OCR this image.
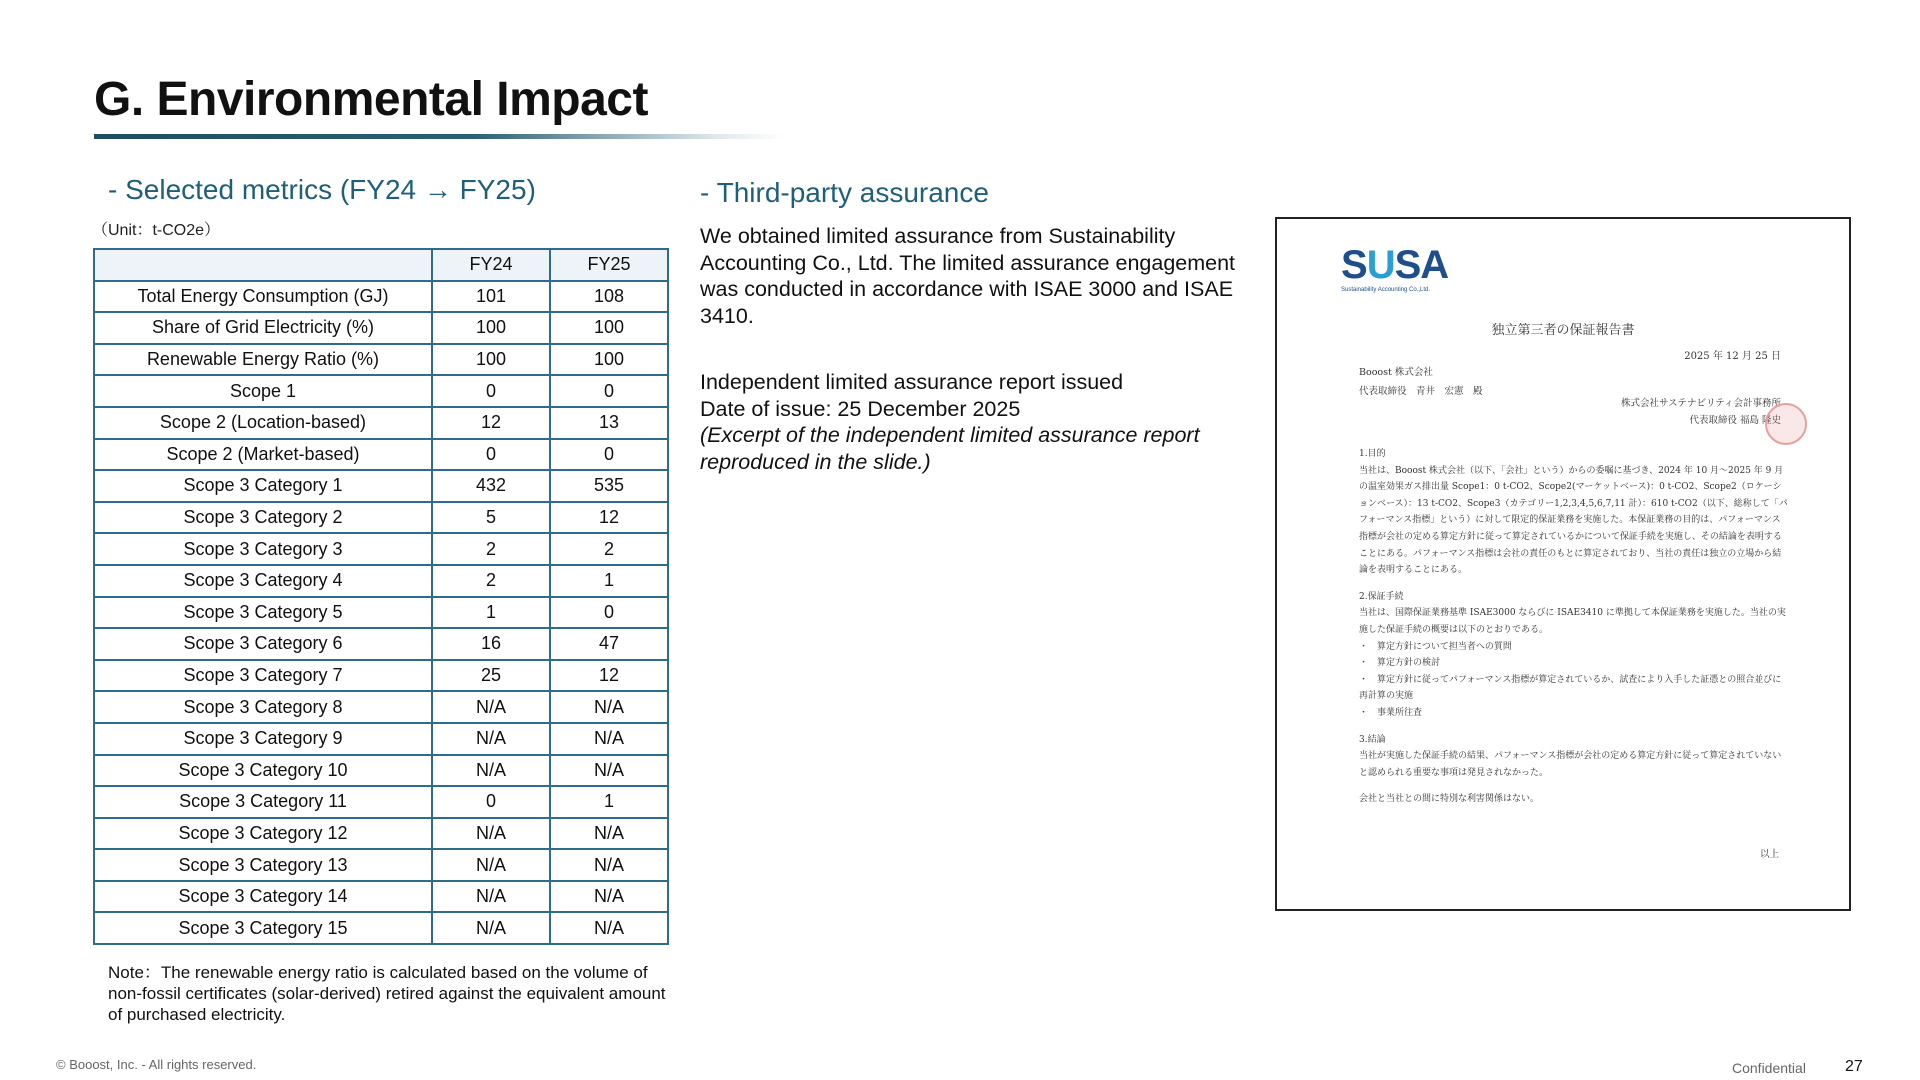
G. Environmental Impact
- Selected metrics (FY24 → FY25)
（Unit：t-CO2e）
	FY24	FY25
Total Energy Consumption (GJ)	101	108
Share of Grid Electricity (%)	100	100
Renewable Energy Ratio (%)	100	100
Scope 1	0	0
Scope 2 (Location-based)	12	13
Scope 2 (Market-based)	0	0
Scope 3 Category 1	432	535
Scope 3 Category 2	5	12
Scope 3 Category 3	2	2
Scope 3 Category 4	2	1
Scope 3 Category 5	1	0
Scope 3 Category 6	16	47
Scope 3 Category 7	25	12
Scope 3 Category 8	N/A	N/A
Scope 3 Category 9	N/A	N/A
Scope 3 Category 10	N/A	N/A
Scope 3 Category 11	0	1
Scope 3 Category 12	N/A	N/A
Scope 3 Category 13	N/A	N/A
Scope 3 Category 14	N/A	N/A
Scope 3 Category 15	N/A	N/A
Note：The renewable energy ratio is calculated based on the volume of non-fossil certificates (solar-derived) retired against the equivalent amount of purchased electricity.
- Third-party assurance
We obtained limited assurance from Sustainability Accounting Co., Ltd. The limited assurance engagement was conducted in accordance with ISAE 3000 and ISAE 3410.
Independent limited assurance report issued
Date of issue: 25 December 2025
(Excerpt of the independent limited assurance report reproduced in the slide.)
SUSA
Sustainability Accounting Co.,Ltd.
独立第三者の保証報告書
2025 年 12 月 25 日
Booost 株式会社
代表取締役　青井　宏憲　殿
株式会社サステナビリティ会計事務所
代表取締役 福島 隆史

1.目的

当社は、Booost 株式会社（以下、「会社」という）からの委嘱に基づき、2024 年 10 月～2025 年 9 月の温室効果ガス排出量 Scope1：0 t-CO2、Scope2(マーケットベース)：0 t-CO2、Scope2（ロケーションベース）：13 t-CO2、Scope3（カテゴリー1,2,3,4,5,6,7,11 計）：610 t-CO2（以下、総称して「パフォーマンス指標」という）に対して限定的保証業務を実施した。本保証業務の目的は、パフォーマンス指標が会社の定める算定方針に従って算定されているかについて保証手続を実施し、その結論を表明することにある。パフォーマンス指標は会社の責任のもとに算定されており、当社の責任は独立の立場から結論を表明することにある。

2.保証手続

当社は、国際保証業務基準 ISAE3000 ならびに ISAE3410 に準拠して本保証業務を実施した。当社の実施した保証手続の概要は以下のとおりである。

・　算定方針について担当者への質問

・　算定方針の検討

・　算定方針に従ってパフォーマンス指標が算定されているか、試査により入手した証憑との照合並びに再計算の実施

・　事業所往査

3.結論

当社が実施した保証手続の結果、パフォーマンス指標が会社の定める算定方針に従って算定されていないと認められる重要な事項は発見されなかった。

会社と当社との間に特別な利害関係はない。

以上
© Booost, Inc. - All rights reserved.	Confidential 27
